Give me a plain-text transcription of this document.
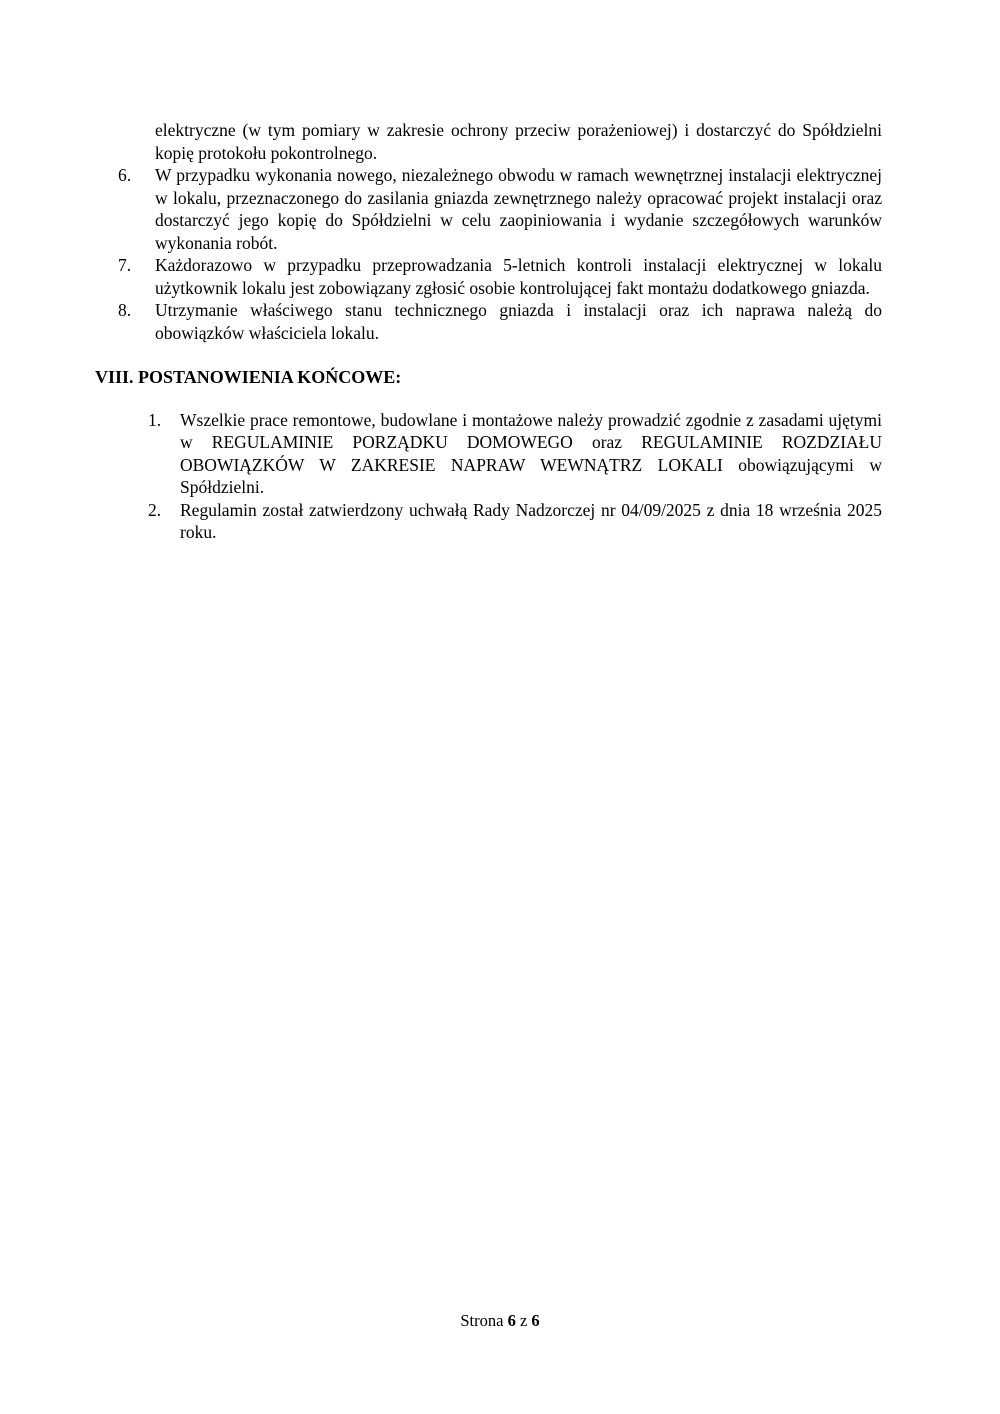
elektryczne (w tym pomiary w zakresie ochrony przeciw porażeniowej) i dostarczyć do Spółdzielni kopię protokołu pokontrolnego.

6.	W przypadku wykonania nowego, niezależnego obwodu w ramach wewnętrznej instalacji elektrycznej w lokalu, przeznaczonego do zasilania gniazda zewnętrznego należy opracować projekt instalacji oraz dostarczyć jego kopię do Spółdzielni w celu zaopiniowania i wydanie szczegółowych warunków wykonania robót.
7.	Każdorazowo w przypadku przeprowadzania 5-letnich kontroli instalacji elektrycznej w lokalu użytkownik lokalu jest zobowiązany zgłosić osobie kontrolującej fakt montażu dodatkowego gniazda.
8.	Utrzymanie właściwego stanu technicznego gniazda i instalacji oraz ich naprawa należą do obowiązków właściciela lokalu.
VIII. POSTANOWIENIA KOŃCOWE:
1.	Wszelkie prace remontowe, budowlane i montażowe należy prowadzić zgodnie z zasadami ujętymi w REGULAMINIE PORZĄDKU DOMOWEGO oraz REGULAMINIE ROZDZIAŁU OBOWIĄZKÓW W ZAKRESIE NAPRAW WEWNĄTRZ LOKALI obowiązującymi w Spółdzielni.
2.	Regulamin został zatwierdzony uchwałą Rady Nadzorczej nr 04/09/2025 z dnia 18 września 2025 roku.
Strona 6 z 6
